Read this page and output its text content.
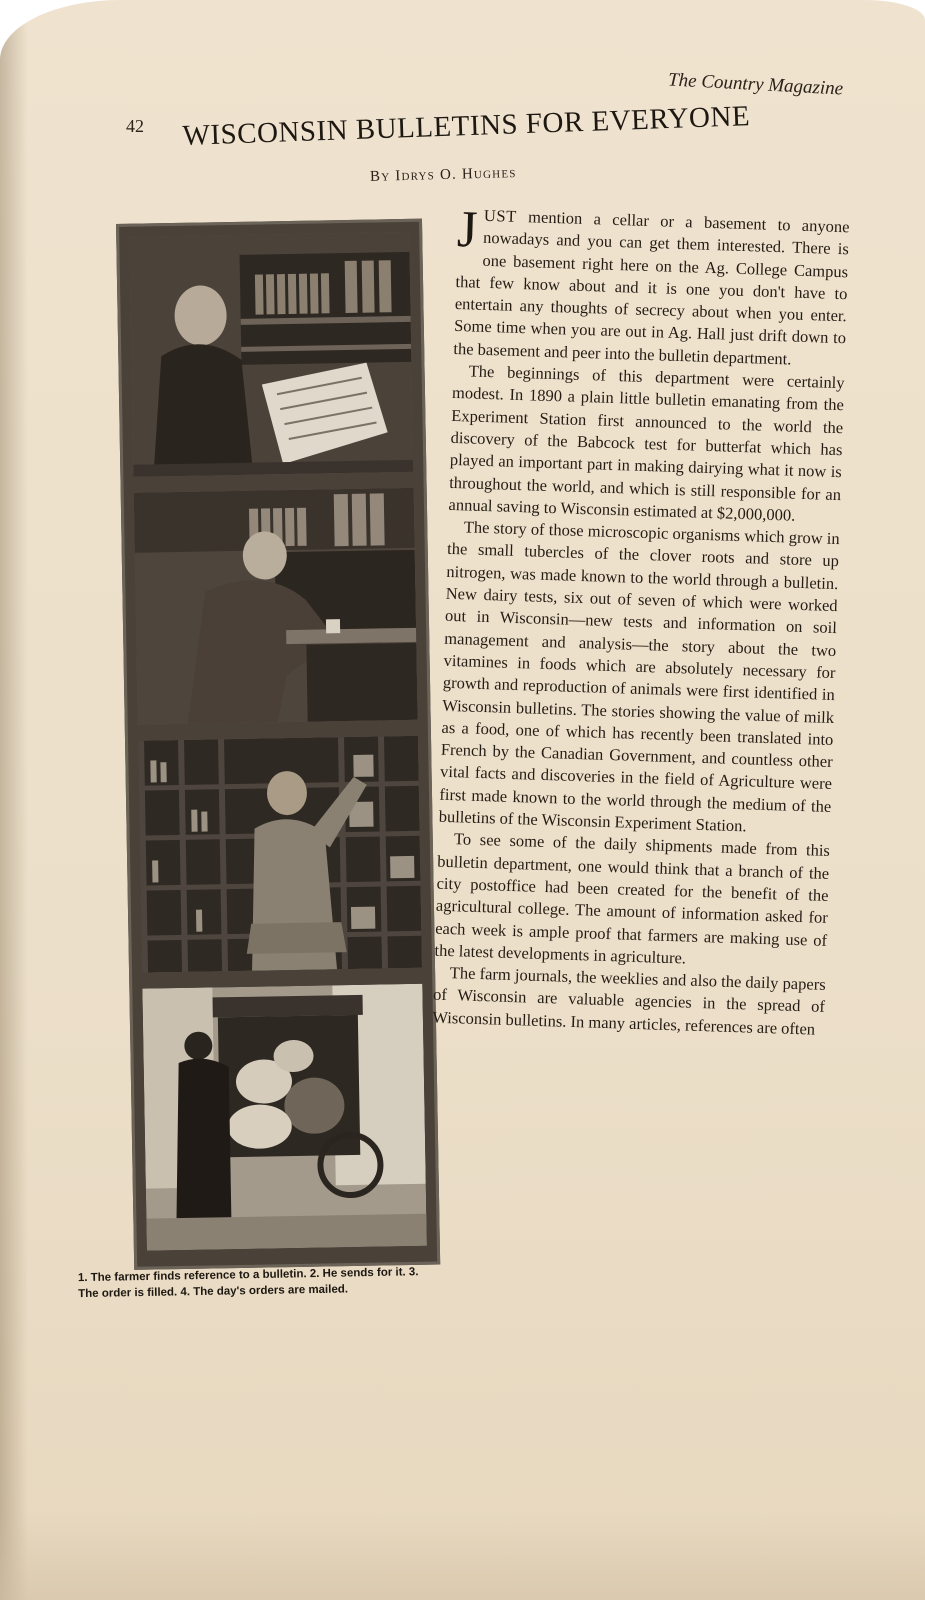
The Country Magazine
42 WISCONSIN BULLETINS FOR EVERYONE
By Idrys O. Hughes
1. The farmer finds reference to a bulletin. 2. He sends for it. 3. The order is filled. 4. The day's orders are mailed.

JUST mention a cellar or a basement to anyone nowadays and you can get them interested. There is one basement right here on the Ag. College Campus that few know about and it is one you don't have to entertain any thoughts of secrecy about when you enter. Some time when you are out in Ag. Hall just drift down to the basement and peer into the bulletin department.

The beginnings of this department were certainly modest. In 1890 a plain little bulletin emanating from the Experiment Station first announced to the world the discovery of the Babcock test for butterfat which has played an important part in making dairying what it now is throughout the world, and which is still responsible for an annual saving to Wisconsin estimated at $2,000,000.

The story of those microscopic organisms which grow in the small tubercles of the clover roots and store up nitrogen, was made known to the world through a bulletin. New dairy tests, six out of seven of which were worked out in Wisconsin—new tests and information on soil management and analysis—the story about the two vitamines in foods which are absolutely necessary for growth and reproduction of animals were first identified in Wisconsin bulletins. The stories showing the value of milk as a food, one of which has recently been translated into French by the Canadian Government, and countless other vital facts and discoveries in the field of Agriculture were first made known to the world through the medium of the bulletins of the Wisconsin Experiment Station.

To see some of the daily shipments made from this bulletin department, one would think that a branch of the city postoffice had been created for the benefit of the agricultural college. The amount of information asked for each week is ample proof that farmers are making use of the latest developments in agriculture.

The farm journals, the weeklies and also the daily papers of Wisconsin are valuable agencies in the spread of Wisconsin bulletins. In many articles, references are often
